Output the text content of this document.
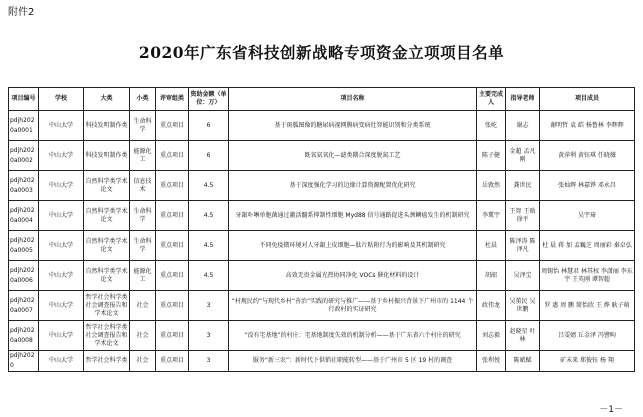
附件2
2020年广东省科技创新战略专项资金立项项目名单
项目编号	学校	大类	小类	评审组类	资助金额（单位：万）	项目名称	主要完成人	指导老师	项目成员
pdjh2020a0001	中山大学	科技发明制作类	生命科学	重点项目	6	基于斑胍图像的糖尿病视网膜病变病灶智能识别和分类系统	张屹	谢志	谢明哲 袁 皓 杨鲁林 李辉辉
pdjh2020a0002	中山大学	科技发明制作类	能源化工	重点项目	6	既氧氨氧化—滤类耦合深度脱氮工艺	陈子健	金超 孟凡刚	黄萍利 黄钰琪 任晓薇
pdjh2020a0003	中山大学	自然科学类学术论文	信息技术	重点项目	4.5	基于深度强化学习的边缘计算资源配置优化研究	岳敦然	龚世民	张灿辉 林嘉铧 邓永昌
pdjh2020a0004	中山大学	自然科学类学术论文	生命科学	重点项目	4.5	牙龈卟啉单胞菌通过激活髓系抑制性细胞 Myd88 信号通路促进头颈鳞癌发生的机制研究	李冀宇	王智 王晗 徐平	吴宇琦
pdjh2020a0005	中山大学	自然科学类学术论文	生命科学	重点项目	4.5	不同免疫微环境对人牙龈上皮细胞—肽片粘附行为的影响及其机制研究	杜晨	陈泽涛 陈泽凡	杜 晨 蒋 加 孟巍芝 周丽彩 秦卓弘
pdjh2020a0006	中山大学	自然科学类学术论文	能源化工	重点项目	4.5	高效无贵金属光热协同净化 VOCs 催化材料的设计	胡韶	吴泽宝	周锡怡 林慧君 林其权 李潇丽 李东宇 王英刚 谭智超
pdjh2020a0007	中山大学	哲学社会科学类社会调查报告和学术论文	社会	重点项目	3	“村规民约”与现代乡村“善治”实践的研究与推广——基于乡村振兴背景下广州市的 1144 个行政村的实证研究	政伟龙	吴董民 吴世鹏	罗 惠 周 鹏 简怡欣 王 烨 耿子萌
pdjh2020a0008	中山大学	哲学社会科学类社会调查报告和学术论文	社会	重点项目	3	“没有宅基地”的村庄：宅基地制度失效的机制分析——基于广东省六个村庄的研究	刘志毅	赵晓星 叶林	吕雯婧 丘金泽 冯譬昫
pdjh2020	中山大学	哲学社会科学类	社会	重点项目	3	服务“新三农”：新时代下供销社职能转型——基于广州市 5 区 19 村的调查	张利悦	陈斌赋	矿未来 郑俊钰 杨 翔
－1－
